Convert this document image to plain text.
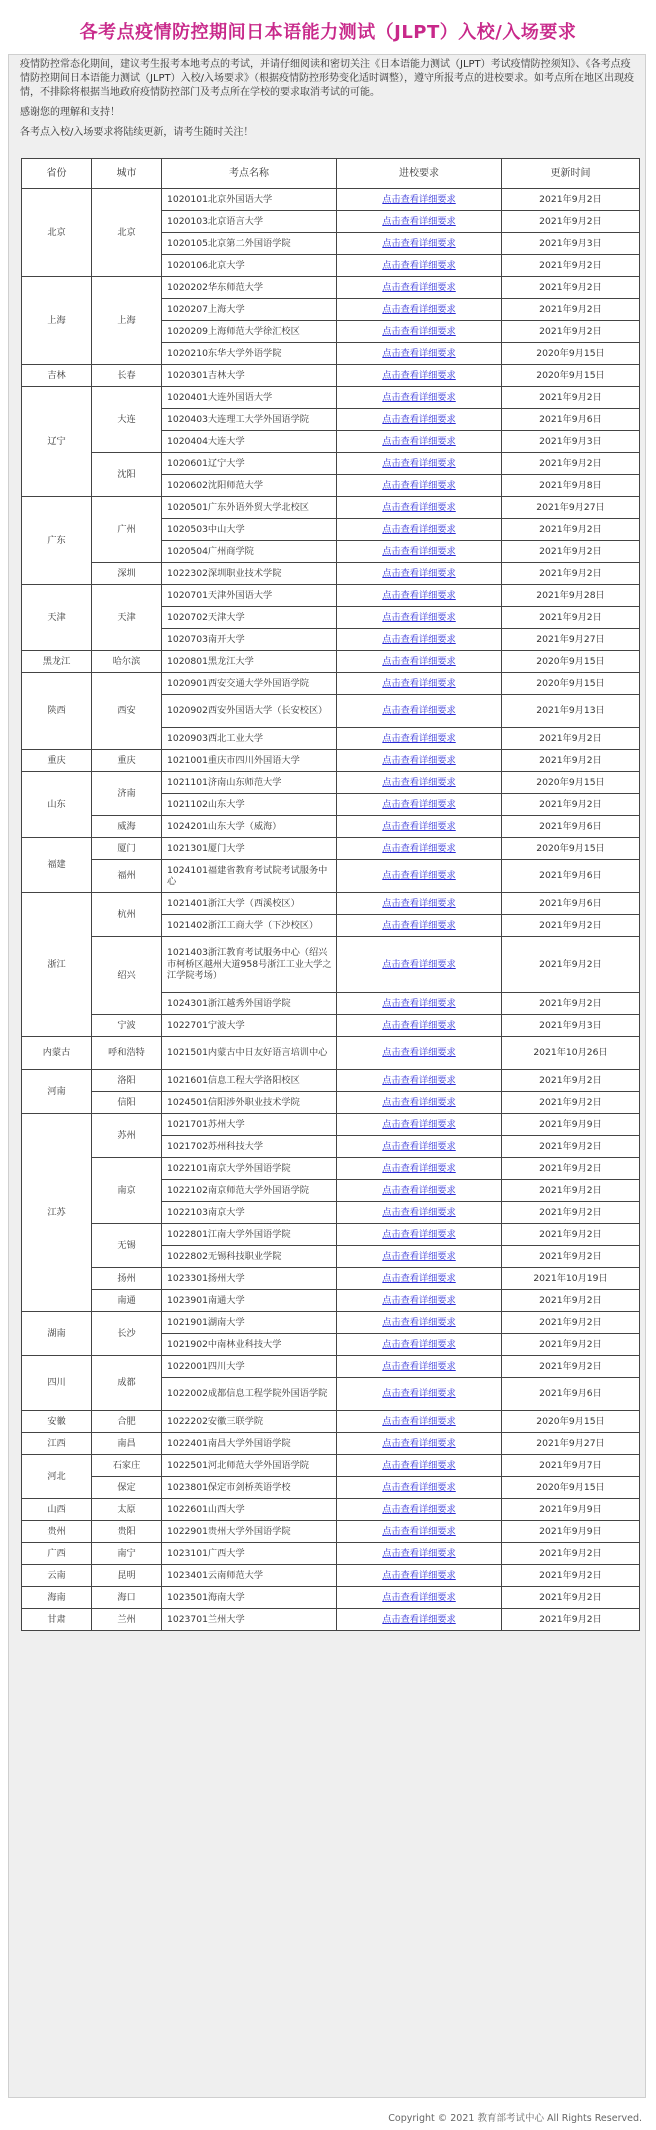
各考点疫情防控期间日本语能力测试（JLPT）入校/入场要求

疫情防控常态化期间，建议考生报考本地考点的考试，并请仔细阅读和密切关注《日本语能力测试（JLPT）考试疫情防控须知》、《各考点疫情防控期间日本语能力测试（JLPT）入校/入场要求》（根据疫情防控形势变化适时调整），遵守所报考点的进校要求。如考点所在地区出现疫情，不排除将根据当地政府疫情防控部门及考点所在学校的要求取消考试的可能。

感谢您的理解和支持！

各考点入校/入场要求将陆续更新，请考生随时关注！

省份	城市	考点名称	进校要求	更新时间
北京	北京	1020101北京外国语大学	点击查看详细要求	2021年9月2日
		1020103北京语言大学	点击查看详细要求	2021年9月2日
		1020105北京第二外国语学院	点击查看详细要求	2021年9月3日
		1020106北京大学	点击查看详细要求	2021年9月2日
上海	上海	1020202华东师范大学	点击查看详细要求	2021年9月2日
		1020207上海大学	点击查看详细要求	2021年9月2日
		1020209上海师范大学徐汇校区	点击查看详细要求	2021年9月2日
		1020210东华大学外语学院	点击查看详细要求	2020年9月15日
吉林	长春	1020301吉林大学	点击查看详细要求	2020年9月15日
辽宁	大连	1020401大连外国语大学	点击查看详细要求	2021年9月2日
		1020403大连理工大学外国语学院	点击查看详细要求	2021年9月6日
		1020404大连大学	点击查看详细要求	2021年9月3日
	沈阳	1020601辽宁大学	点击查看详细要求	2021年9月2日
		1020602沈阳师范大学	点击查看详细要求	2021年9月8日
广东	广州	1020501广东外语外贸大学北校区	点击查看详细要求	2021年9月27日
		1020503中山大学	点击查看详细要求	2021年9月2日
		1020504广州商学院	点击查看详细要求	2021年9月2日
	深圳	1022302深圳职业技术学院	点击查看详细要求	2021年9月2日
天津	天津	1020701天津外国语大学	点击查看详细要求	2021年9月28日
		1020702天津大学	点击查看详细要求	2021年9月2日
		1020703南开大学	点击查看详细要求	2021年9月27日
黑龙江	哈尔滨	1020801黑龙江大学	点击查看详细要求	2020年9月15日
陕西	西安	1020901西安交通大学外国语学院	点击查看详细要求	2020年9月15日
		1020902西安外国语大学（长安校区）	点击查看详细要求	2021年9月13日
		1020903西北工业大学	点击查看详细要求	2021年9月2日
重庆	重庆	1021001重庆市四川外国语大学	点击查看详细要求	2021年9月2日
山东	济南	1021101济南山东师范大学	点击查看详细要求	2020年9月15日
		1021102山东大学	点击查看详细要求	2021年9月2日
	威海	1024201山东大学（威海）	点击查看详细要求	2021年9月6日
福建	厦门	1021301厦门大学	点击查看详细要求	2020年9月15日
	福州	1024101福建省教育考试院考试服务中心	点击查看详细要求	2021年9月6日
浙江	杭州	1021401浙江大学（西溪校区）	点击查看详细要求	2021年9月6日
		1021402浙江工商大学（下沙校区）	点击查看详细要求	2021年9月2日
	绍兴	1021403浙江教育考试服务中心（绍兴市柯桥区越州大道958号浙江工业大学之江学院考场）	点击查看详细要求	2021年9月2日
		1024301浙江越秀外国语学院	点击查看详细要求	2021年9月2日
	宁波	1022701宁波大学	点击查看详细要求	2021年9月3日
内蒙古	呼和浩特	1021501内蒙古中日友好语言培训中心	点击查看详细要求	2021年10月26日
河南	洛阳	1021601信息工程大学洛阳校区	点击查看详细要求	2021年9月2日
	信阳	1024501信阳涉外职业技术学院	点击查看详细要求	2021年9月2日
江苏	苏州	1021701苏州大学	点击查看详细要求	2021年9月9日
		1021702苏州科技大学	点击查看详细要求	2021年9月2日
	南京	1022101南京大学外国语学院	点击查看详细要求	2021年9月2日
		1022102南京师范大学外国语学院	点击查看详细要求	2021年9月2日
		1022103南京大学	点击查看详细要求	2021年9月2日
	无锡	1022801江南大学外国语学院	点击查看详细要求	2021年9月2日
		1022802无锡科技职业学院	点击查看详细要求	2021年9月2日
	扬州	1023301扬州大学	点击查看详细要求	2021年10月19日
	南通	1023901南通大学	点击查看详细要求	2021年9月2日
湖南	长沙	1021901湖南大学	点击查看详细要求	2021年9月2日
		1021902中南林业科技大学	点击查看详细要求	2021年9月2日
四川	成都	1022001四川大学	点击查看详细要求	2021年9月2日
		1022002成都信息工程学院外国语学院	点击查看详细要求	2021年9月6日
安徽	合肥	1022202安徽三联学院	点击查看详细要求	2020年9月15日
江西	南昌	1022401南昌大学外国语学院	点击查看详细要求	2021年9月27日
河北	石家庄	1022501河北师范大学外国语学院	点击查看详细要求	2021年9月7日
	保定	1023801保定市剑桥英语学校	点击查看详细要求	2020年9月15日
山西	太原	1022601山西大学	点击查看详细要求	2021年9月9日
贵州	贵阳	1022901贵州大学外国语学院	点击查看详细要求	2021年9月9日
广西	南宁	1023101广西大学	点击查看详细要求	2021年9月2日
云南	昆明	1023401云南师范大学	点击查看详细要求	2021年9月2日
海南	海口	1023501海南大学	点击查看详细要求	2021年9月2日
甘肃	兰州	1023701兰州大学	点击查看详细要求	2021年9月2日
Copyright © 2021 教育部考试中心 All Rights Reserved.
